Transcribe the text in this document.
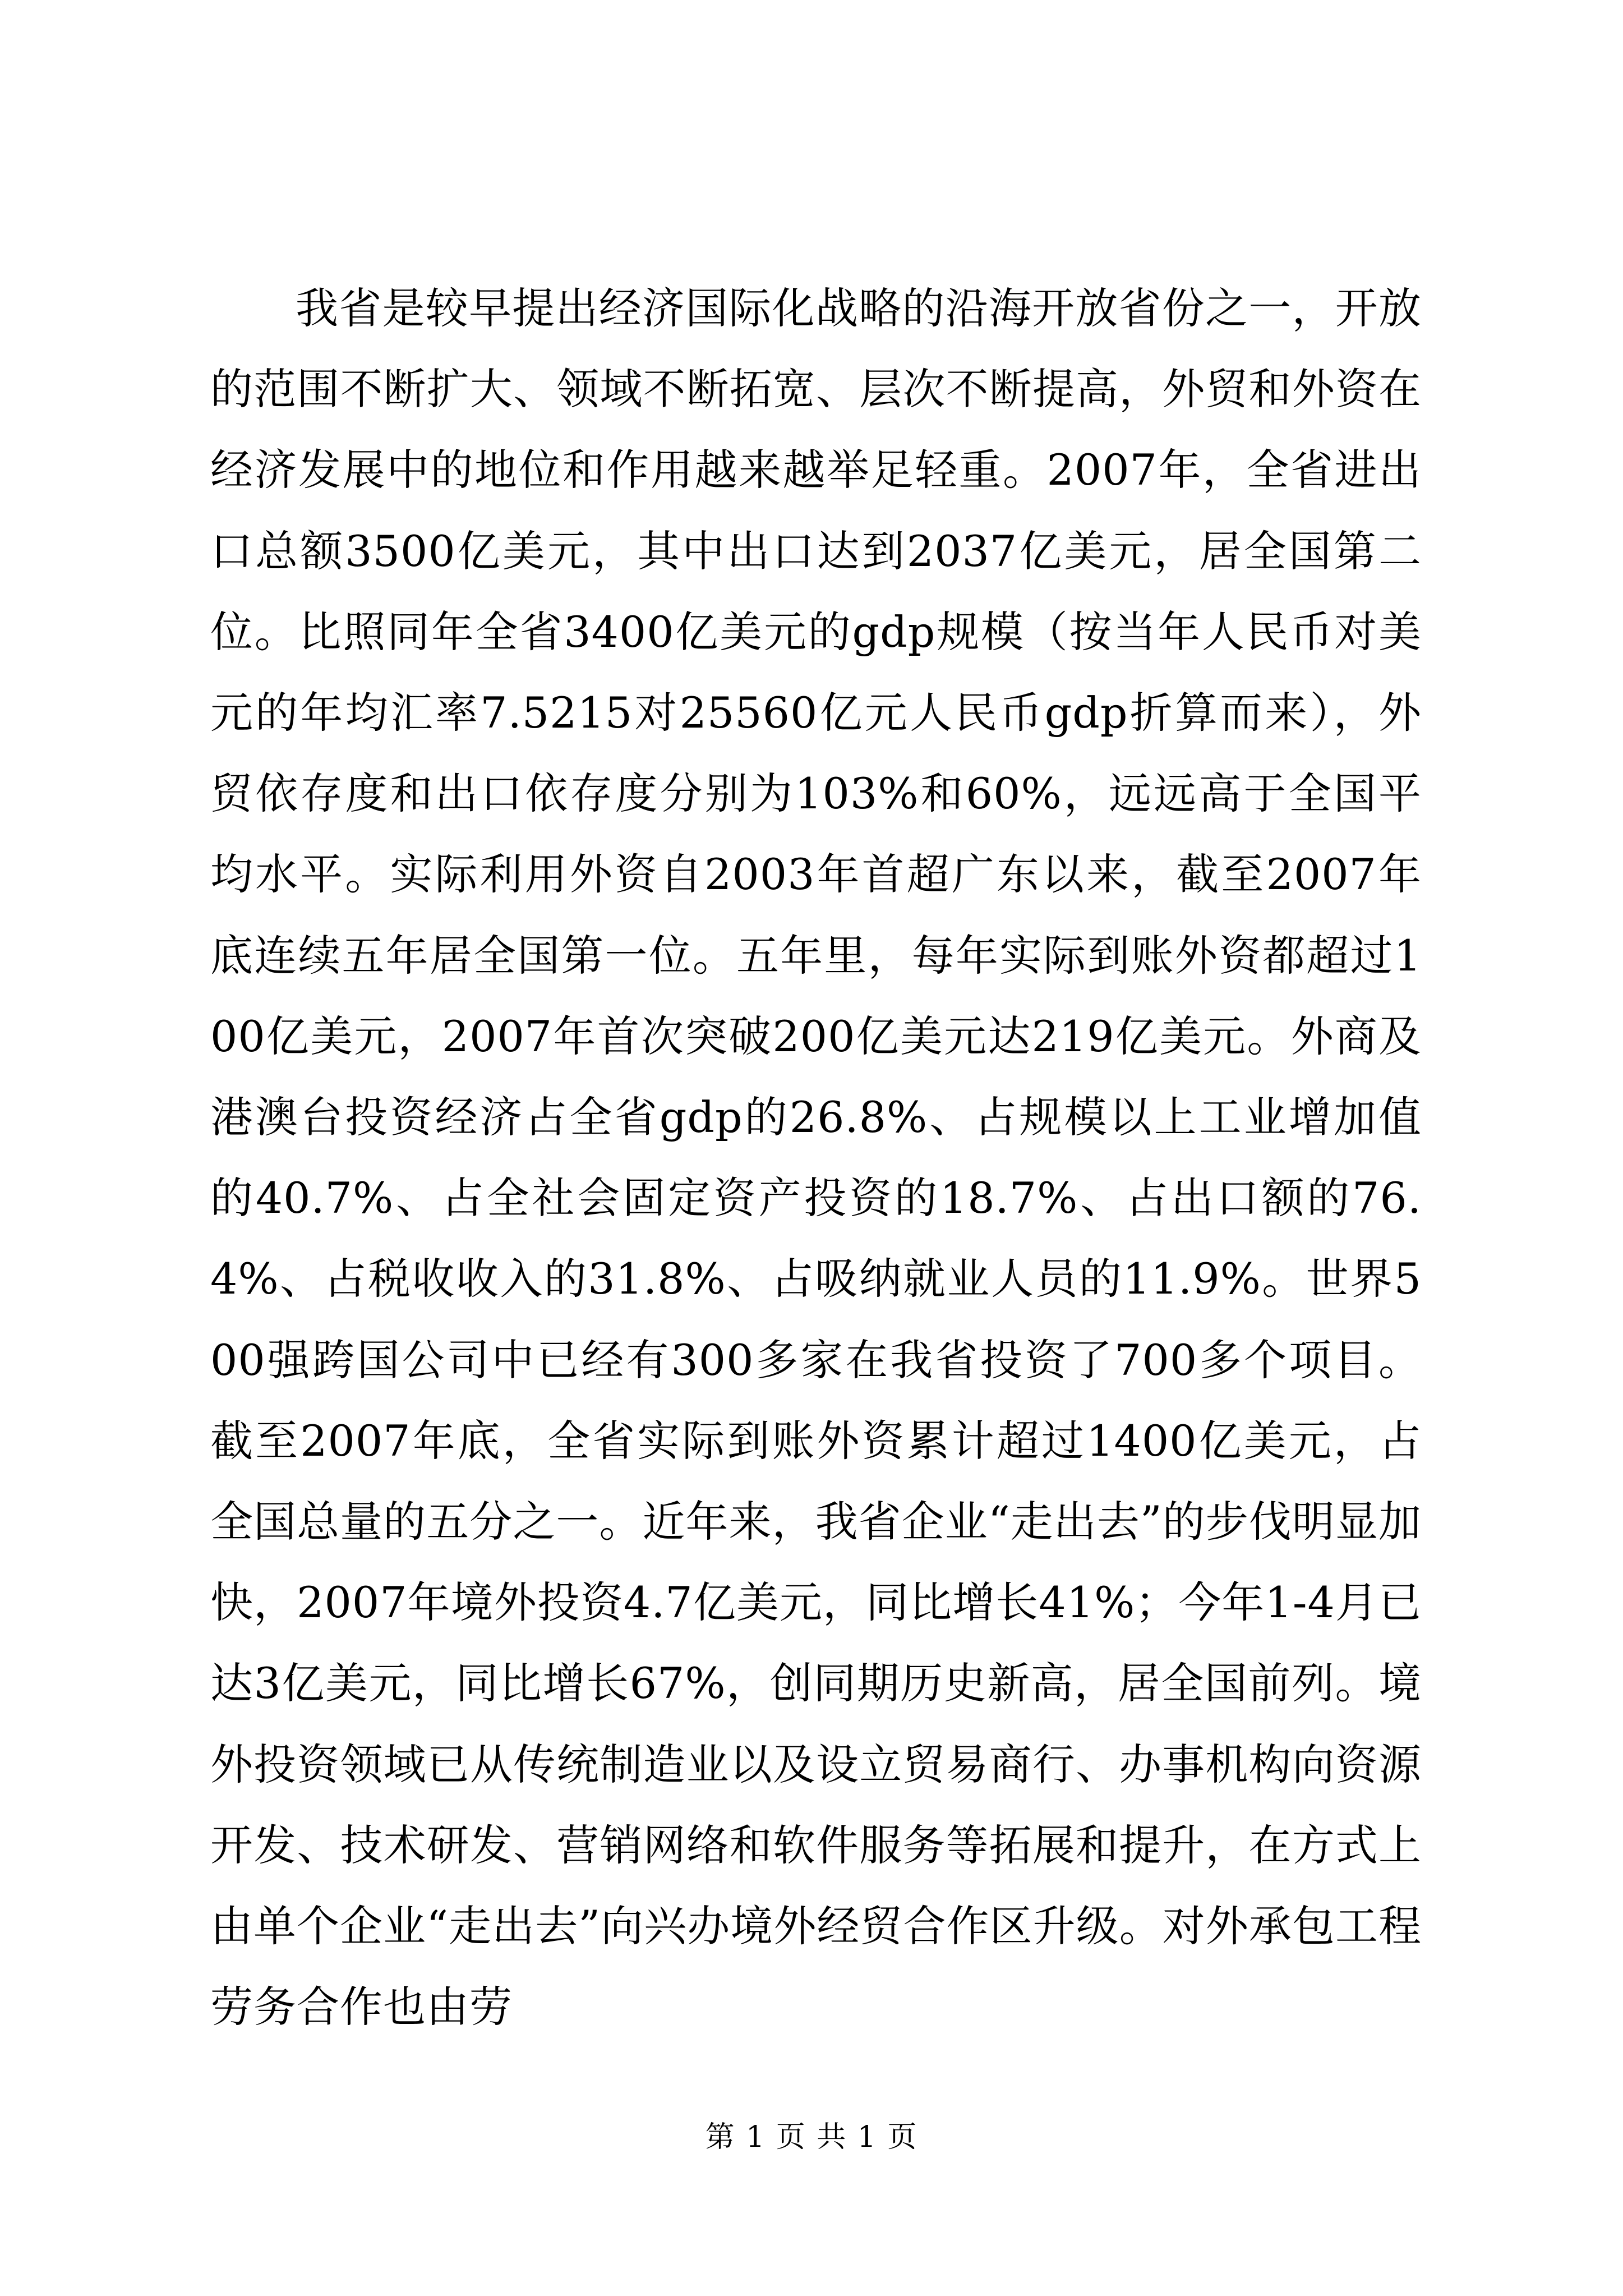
我省是较早提出经济国际化战略的沿海开放省份之一，开放的范围不断扩大、领域不断拓宽、层次不断提高，外贸和外资在经济发展中的地位和作用越来越举足轻重。2007年，全省进出口总额3500亿美元，其中出口达到2037亿美元，居全国第二位。比照同年全省3400亿美元的gdp规模（按当年人民币对美元的年均汇率7.5215对25560亿元人民币gdp折算而来），外贸依存度和出口依存度分别为103%和60%，远远高于全国平均水平。实际利用外资自2003年首超广东以来，截至2007年底连续五年居全国第一位。五年里，每年实际到账外资都超过100亿美元，2007年首次突破200亿美元达219亿美元。外商及港澳台投资经济占全省gdp的26.8%、占规模以上工业增加值的40.7%、占全社会固定资产投资的18.7%、占出口额的76.4%、占税收收入的31.8%、占吸纳就业人员的11.9%。世界500强跨国公司中已经有300多家在我省投资了700多个项目。截至2007年底，全省实际到账外资累计超过1400亿美元，占全国总量的五分之一。近年来，我省企业“走出去”的步伐明显加快，2007年境外投资4.7亿美元，同比增长41%；今年1-4月已达3亿美元，同比增长67%，创同期历史新高，居全国前列。境外投资领域已从传统制造业以及设立贸易商行、办事机构向资源开发、技术研发、营销网络和软件服务等拓展和提升，在方式上由单个企业“走出去”向兴办境外经贸合作区升级。对外承包工程劳务合作也由劳

第 1 页 共 1 页
